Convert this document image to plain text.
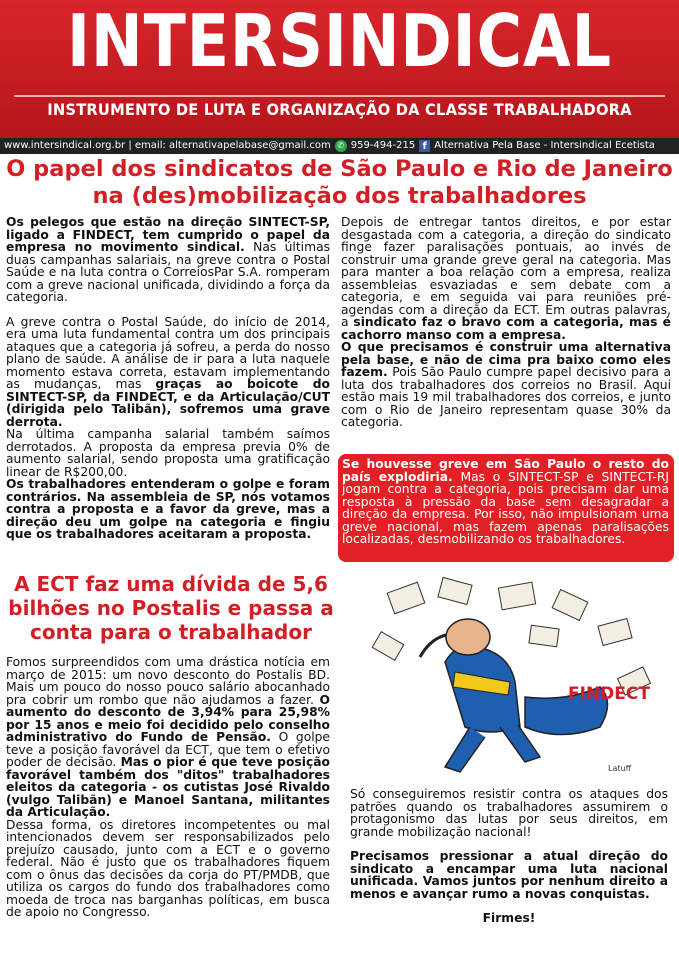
INTERSINDICAL
INSTRUMENTO DE LUTA E ORGANIZAÇÃO DA CLASSE TRABALHADORA
www.intersindical.org.br | email: alternativapelabase@gmail.com ✆ 959-494-215 f Alternativa Pela Base - Intersindical Ecetista
O papel dos sindicatos de São Paulo e Rio de Janeiro na (des)mobilização dos trabalhadores

Os pelegos que estão na direção SINTECT-SP, ligado a FINDECT, tem cumprido o papel da empresa no movimento sindical. Nas últimas duas campanhas salariais, na greve contra o Postal Saúde e na luta contra o CorreiosPar S.A. romperam com a greve nacional unificada, dividindo a força da categoria.

A greve contra o Postal Saúde, do início de 2014, era uma luta fundamental contra um dos principais ataques que a categoria já sofreu, a perda do nosso plano de saúde. A análise de ir para a luta naquele momento estava correta, estavam implementando as mudanças, mas graças ao boicote do SINTECT-SP, da FINDECT, e da Articulação/CUT (dirigida pelo Talibãn), sofremos uma grave derrota.

Na última campanha salarial também saímos derrotados. A proposta da empresa previa 0% de aumento salarial, sendo proposta uma gratificação linear de R$200,00.

Os trabalhadores entenderam o golpe e foram contrários. Na assembleia de SP, nós votamos contra a proposta e a favor da greve, mas a direção deu um golpe na categoria e fingiu que os trabalhadores aceitaram a proposta.

Depois de entregar tantos direitos, e por estar desgastada com a categoria, a direção do sindicato finge fazer paralisações pontuais, ao invés de construir uma grande greve geral na categoria. Mas para manter a boa relação com a empresa, realiza assembleias esvaziadas e sem debate com a categoria, e em seguida vai para reuniões pré-agendas com a direção da ECT. Em outras palavras, a sindicato faz o bravo com a categoria, mas é cachorro manso com a empresa.

O que precisamos é construir uma alternativa pela base, e não de cima pra baixo como eles fazem. Pois São Paulo cumpre papel decisivo para a luta dos trabalhadores dos correios no Brasil. Aqui estão mais 19 mil trabalhadores dos correios, e junto com o Rio de Janeiro representam quase 30% da categoria.

Se houvesse greve em São Paulo o resto do país explodiria. Mas o SINTECT-SP e SINTECT-RJ jogam contra a categoria, pois precisam dar uma resposta à pressão da base sem desagradar a direção da empresa. Por isso, não impulsionam uma greve nacional, mas fazem apenas paralisações localizadas, desmobilizando os trabalhadores.
A ECT faz uma dívida de 5,6 bilhões no Postalis e passa a conta para o trabalhador

Fomos surpreendidos com uma drástica notícia em março de 2015: um novo desconto do Postalis BD. Mais um pouco do nosso pouco salário abocanhado pra cobrir um rombo que não ajudamos a fazer. O aumento do desconto de 3,94% para 25,98% por 15 anos e meio foi decidido pelo conselho administrativo do Fundo de Pensão. O golpe teve a posição favorável da ECT, que tem o efetivo poder de decisão. Mas o pior é que teve posição favorável também dos "ditos" trabalhadores eleitos da categoria - os cutistas José Rivaldo (vulgo Talibãn) e Manoel Santana, militantes da Articulação.

Dessa forma, os diretores incompetentes ou mal intencionados devem ser responsabilizados pelo prejuízo causado, junto com a ECT e o governo federal. Não é justo que os trabalhadores fiquem com o ônus das decisões da corja do PT/PMDB, que utiliza os cargos do fundo dos trabalhadores como moeda de troca nas barganhas políticas, em busca de apoio no Congresso.

FINDECT
Latuff

Só conseguiremos resistir contra os ataques dos patrões quando os trabalhadores assumirem o protagonismo das lutas por seus direitos, em grande mobilização nacional!

Precisamos pressionar a atual direção do sindicato a encampar uma luta nacional unificada. Vamos juntos por nenhum direito a menos e avançar rumo a novas conquistas.

Firmes!
